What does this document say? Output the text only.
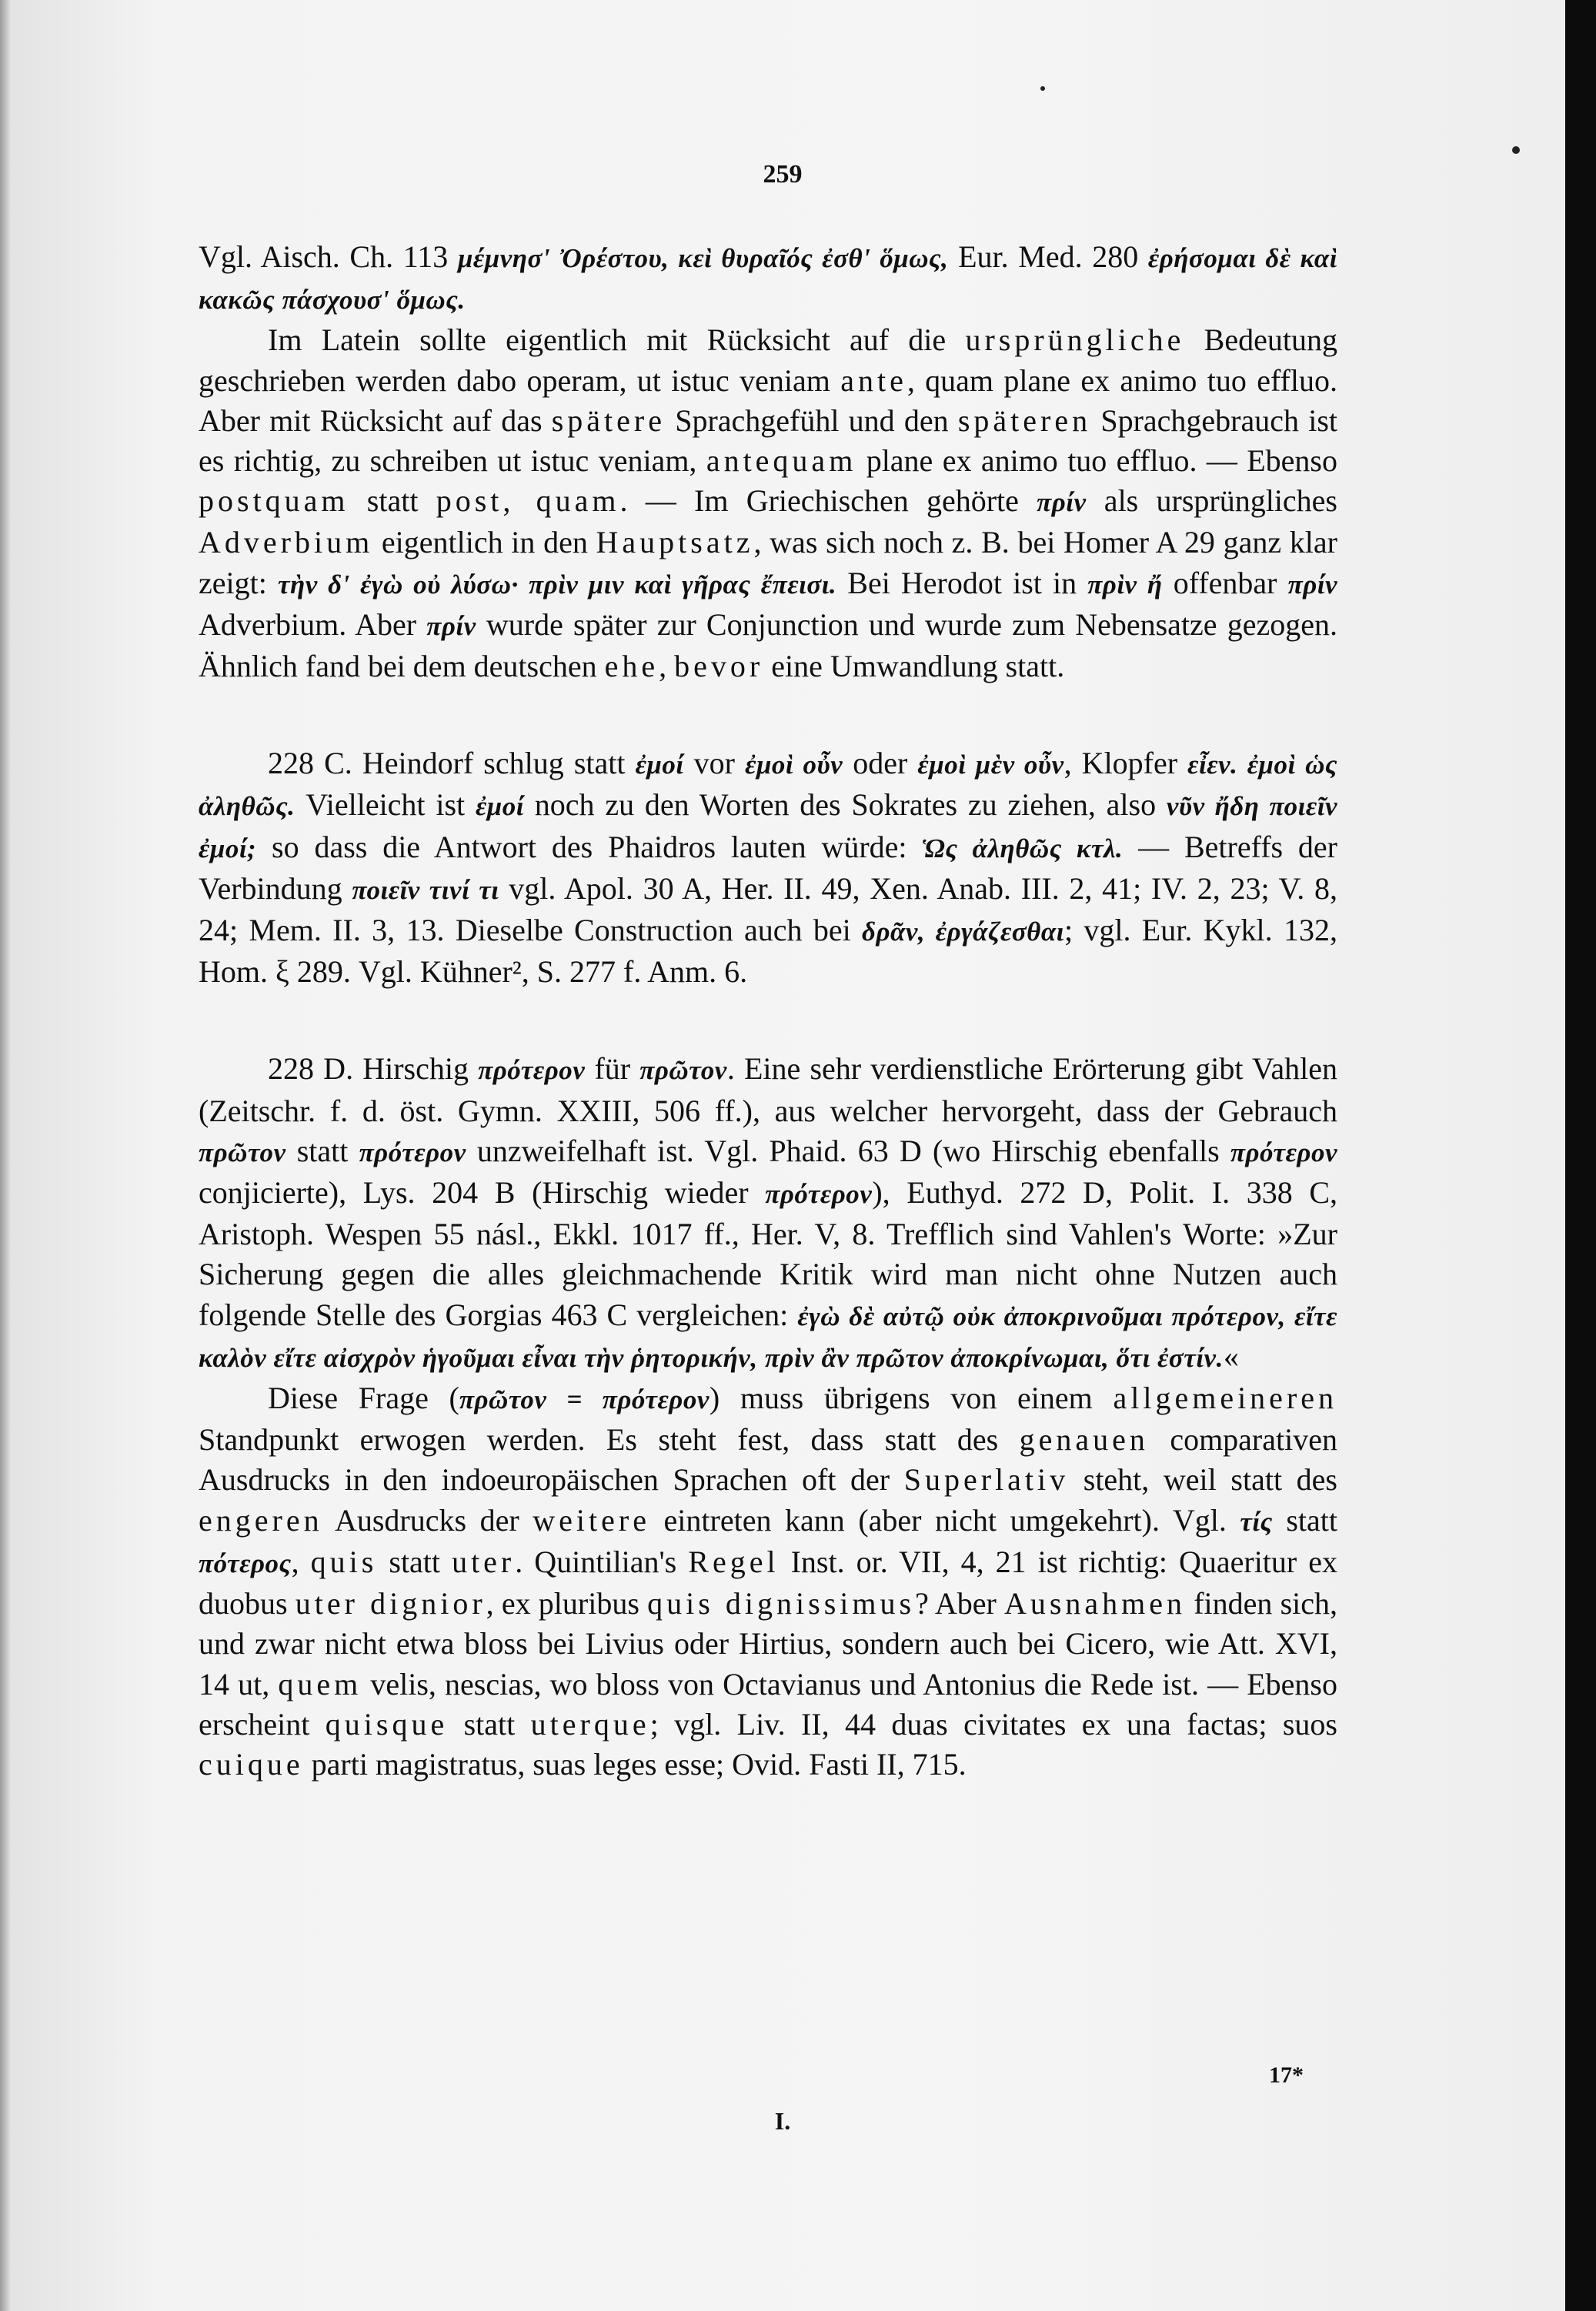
259

Vgl. Aisch. Ch. 113 μέμνησ' Ὀρέστου, κεὶ θυραῖός ἐσθ' ὅμως, Eur. Med. 280 ἐρήσομαι δὲ καὶ κακῶς πάσχουσ' ὅμως.

Im Latein sollte eigentlich mit Rücksicht auf die ursprüngliche Bedeutung geschrieben werden dabo operam, ut istuc veniam ante, quam plane ex animo tuo effluo. Aber mit Rücksicht auf das spätere Sprachgefühl und den späteren Sprachgebrauch ist es richtig, zu schreiben ut istuc veniam, antequam plane ex animo tuo effluo. — Ebenso postquam statt post, quam. — Im Griechischen gehörte πρίν als ursprüngliches Adverbium eigentlich in den Hauptsatz, was sich noch z. B. bei Homer A 29 ganz klar zeigt: τὴν δ' ἐγὼ οὐ λύσω· πρὶν μιν καὶ γῆρας ἔπεισι. Bei Herodot ist in πρὶν ἤ offenbar πρίν Adverbium. Aber πρίν wurde später zur Conjunction und wurde zum Nebensatze gezogen. Ähnlich fand bei dem deutschen ehe, bevor eine Umwandlung statt.

228 C. Heindorf schlug statt ἐμοί vor ἐμοὶ οὖν oder ἐμοὶ μὲν οὖν, Klopfer εἶεν. ἐμοὶ ὡς ἀληθῶς. Vielleicht ist ἐμοί noch zu den Worten des Sokrates zu ziehen, also νῦν ἤδη ποιεῖν ἐμοί; so dass die Antwort des Phaidros lauten würde: Ὡς ἀληθῶς κτλ. — Betreffs der Verbindung ποιεῖν τινί τι vgl. Apol. 30 A, Her. II. 49, Xen. Anab. III. 2, 41; IV. 2, 23; V. 8, 24; Mem. II. 3, 13. Dieselbe Construction auch bei δρᾶν, ἐργάζεσθαι; vgl. Eur. Kykl. 132, Hom. ξ 289. Vgl. Kühner², S. 277 f. Anm. 6.

228 D. Hirschig πρότερον für πρῶτον. Eine sehr verdienstliche Erörterung gibt Vahlen (Zeitschr. f. d. öst. Gymn. XXIII, 506 ff.), aus welcher hervorgeht, dass der Gebrauch πρῶτον statt πρότερον unzweifelhaft ist. Vgl. Phaid. 63 D (wo Hirschig ebenfalls πρότερον conjicierte), Lys. 204 B (Hirschig wieder πρότερον), Euthyd. 272 D, Polit. I. 338 C, Aristoph. Wespen 55 násl., Ekkl. 1017 ff., Her. V, 8. Trefflich sind Vahlen's Worte: »Zur Sicherung gegen die alles gleichmachende Kritik wird man nicht ohne Nutzen auch folgende Stelle des Gorgias 463 C vergleichen: ἐγὼ δὲ αὐτῷ οὐκ ἀποκρινοῦμαι πρότερον, εἴτε καλὸν εἴτε αἰσχρὸν ἡγοῦμαι εἶναι τὴν ῥητορικήν, πρὶν ἂν πρῶτον ἀποκρίνωμαι, ὅτι ἐστίν.«

Diese Frage (πρῶτον = πρότερον) muss übrigens von einem allgemeineren Standpunkt erwogen werden. Es steht fest, dass statt des genauen comparativen Ausdrucks in den indoeuropäischen Sprachen oft der Superlativ steht, weil statt des engeren Ausdrucks der weitere eintreten kann (aber nicht umgekehrt). Vgl. τίς statt πότερος, quis statt uter. Quintilian's Regel Inst. or. VII, 4, 21 ist richtig: Quaeritur ex duobus uter dignior, ex pluribus quis dignissimus? Aber Ausnahmen finden sich, und zwar nicht etwa bloss bei Livius oder Hirtius, sondern auch bei Cicero, wie Att. XVI, 14 ut, quem velis, nescias, wo bloss von Octavianus und Antonius die Rede ist. — Ebenso erscheint quisque statt uterque; vgl. Liv. II, 44 duas civitates ex una factas; suos cuique parti magistratus, suas leges esse; Ovid. Fasti II, 715.

17*
I.
